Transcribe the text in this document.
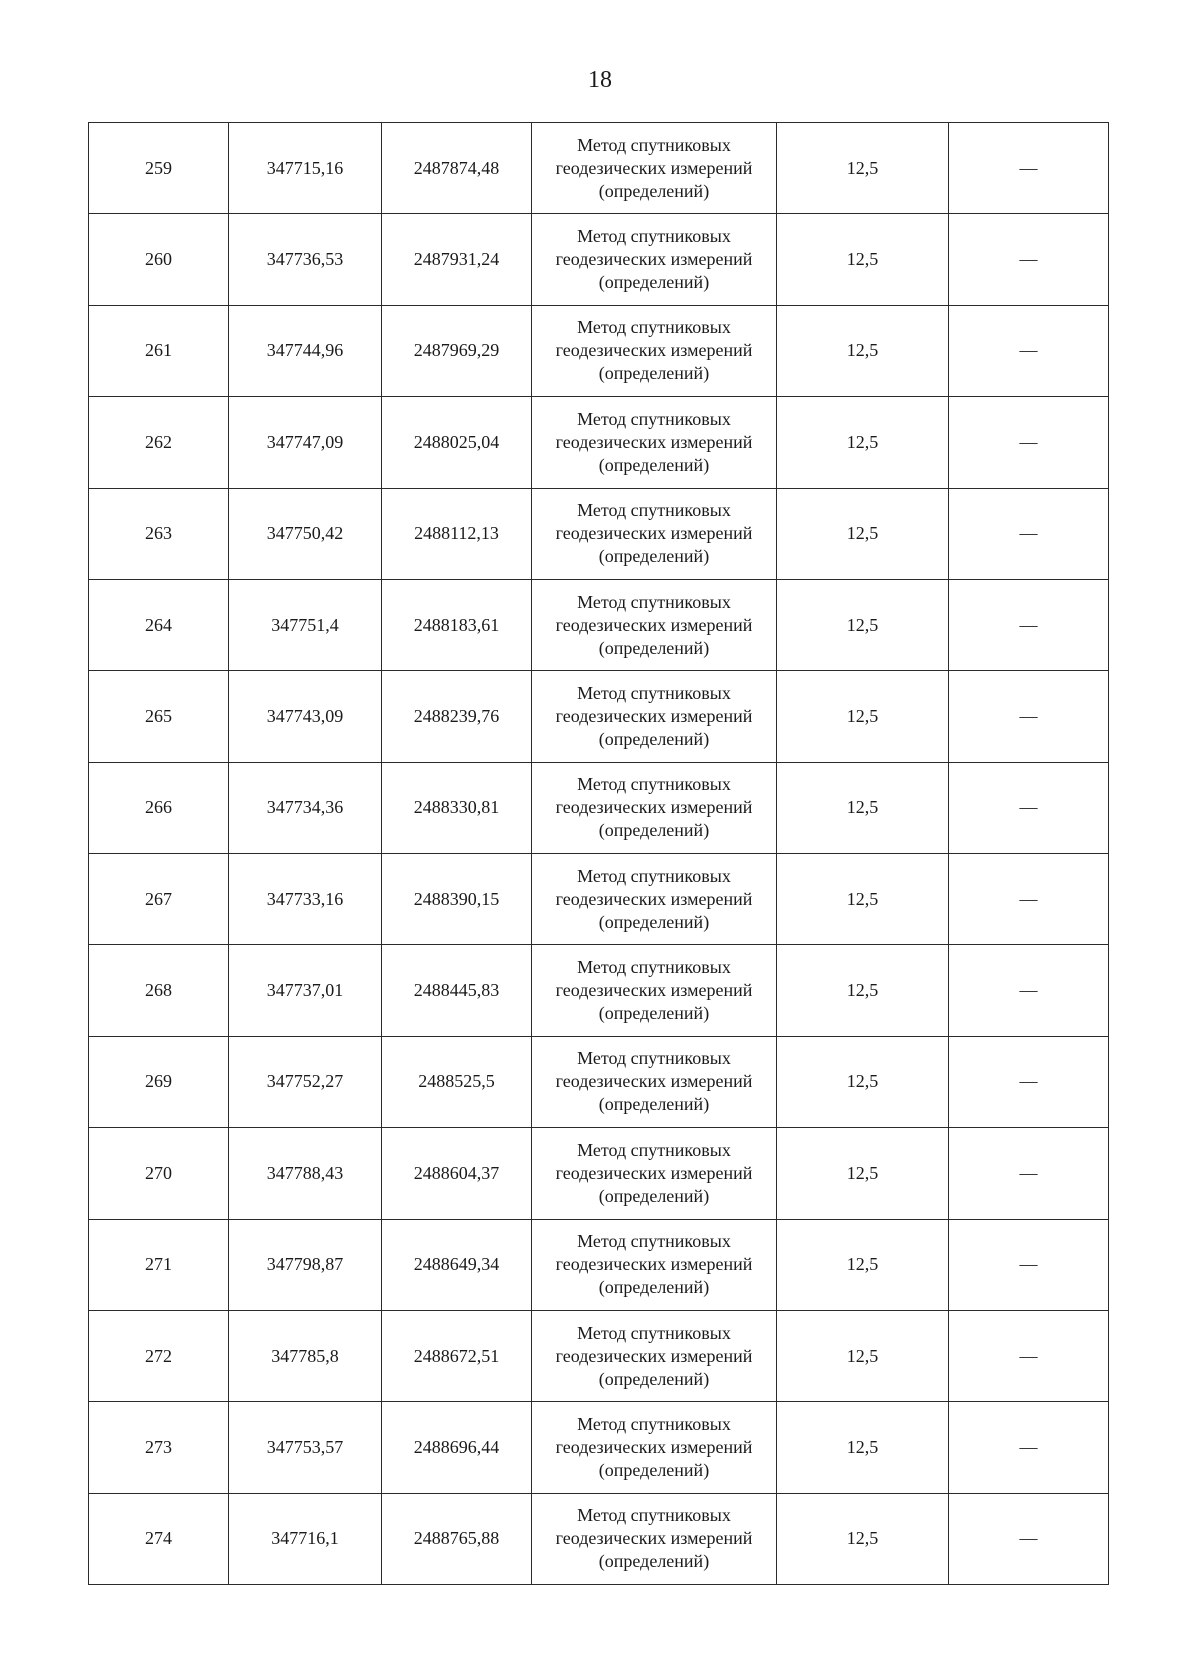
18
259	347715,16	2487874,48	Метод спутниковых
геодезических измерений
(определений)	12,5	—
260	347736,53	2487931,24	Метод спутниковых
геодезических измерений
(определений)	12,5	—
261	347744,96	2487969,29	Метод спутниковых
геодезических измерений
(определений)	12,5	—
262	347747,09	2488025,04	Метод спутниковых
геодезических измерений
(определений)	12,5	—
263	347750,42	2488112,13	Метод спутниковых
геодезических измерений
(определений)	12,5	—
264	347751,4	2488183,61	Метод спутниковых
геодезических измерений
(определений)	12,5	—
265	347743,09	2488239,76	Метод спутниковых
геодезических измерений
(определений)	12,5	—
266	347734,36	2488330,81	Метод спутниковых
геодезических измерений
(определений)	12,5	—
267	347733,16	2488390,15	Метод спутниковых
геодезических измерений
(определений)	12,5	—
268	347737,01	2488445,83	Метод спутниковых
геодезических измерений
(определений)	12,5	—
269	347752,27	2488525,5	Метод спутниковых
геодезических измерений
(определений)	12,5	—
270	347788,43	2488604,37	Метод спутниковых
геодезических измерений
(определений)	12,5	—
271	347798,87	2488649,34	Метод спутниковых
геодезических измерений
(определений)	12,5	—
272	347785,8	2488672,51	Метод спутниковых
геодезических измерений
(определений)	12,5	—
273	347753,57	2488696,44	Метод спутниковых
геодезических измерений
(определений)	12,5	—
274	347716,1	2488765,88	Метод спутниковых
геодезических измерений
(определений)	12,5	—
